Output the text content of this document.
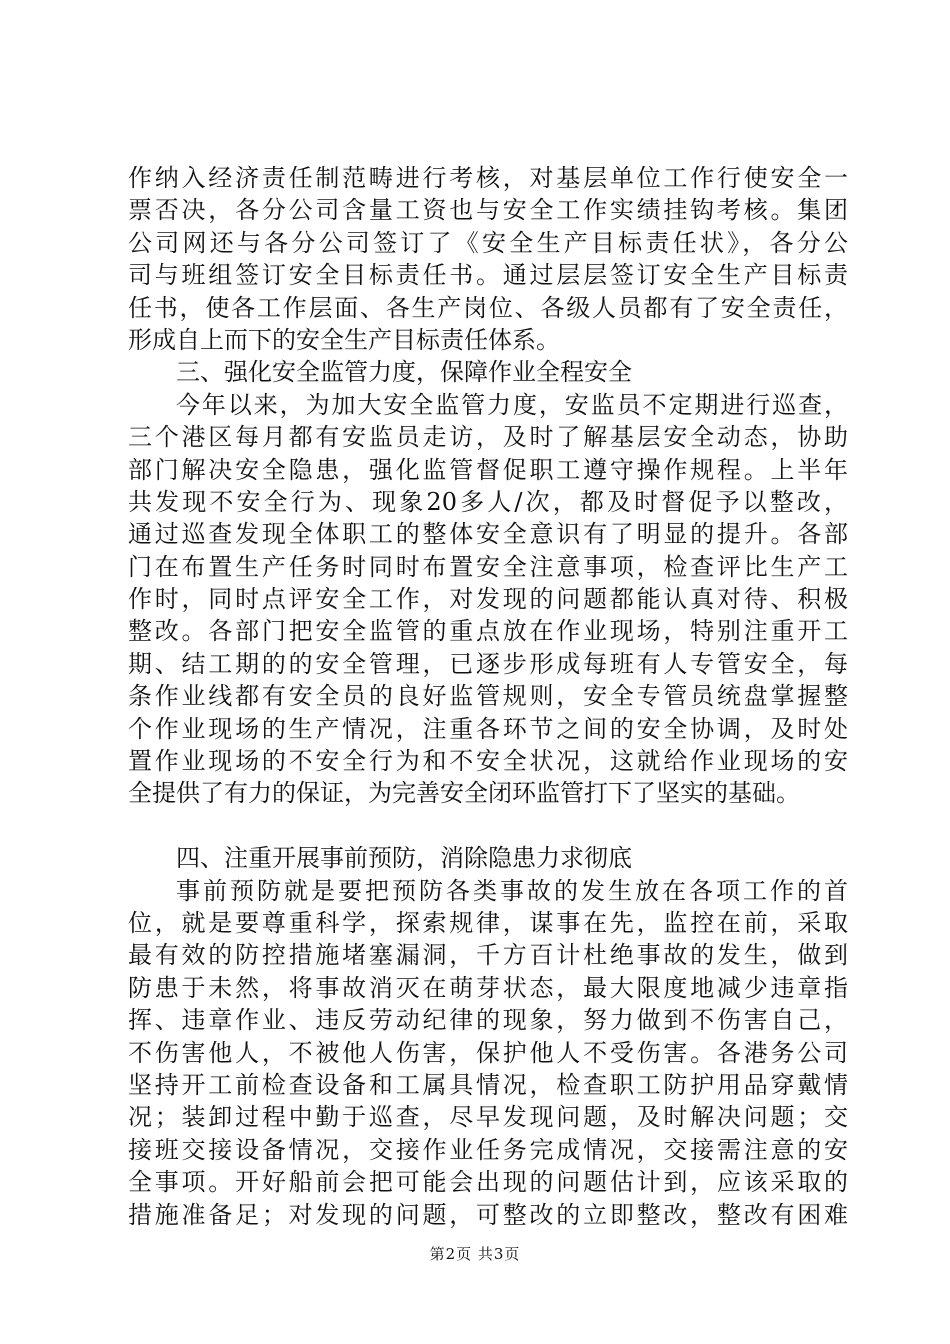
作纳入经济责任制范畴进行考核，对基层单位工作行使安全一
票否决，各分公司含量工资也与安全工作实绩挂钩考核。集团
公司网还与各分公司签订了《安全生产目标责任状》，各分公
司与班组签订安全目标责任书。通过层层签订安全生产目标责
任书，使各工作层面、各生产岗位、各级人员都有了安全责任，
形成自上而下的安全生产目标责任体系。
三、强化安全监管力度，保障作业全程安全
今年以来，为加大安全监管力度，安监员不定期进行巡查，
三个港区每月都有安监员走访，及时了解基层安全动态，协助
部门解决安全隐患，强化监管督促职工遵守操作规程。上半年
共发现不安全行为、现象20多人/次，都及时督促予以整改，
通过巡查发现全体职工的整体安全意识有了明显的提升。各部
门在布置生产任务时同时布置安全注意事项，检查评比生产工
作时，同时点评安全工作，对发现的问题都能认真对待、积极
整改。各部门把安全监管的重点放在作业现场，特别注重开工
期、结工期的的安全管理，已逐步形成每班有人专管安全，每
条作业线都有安全员的良好监管规则，安全专管员统盘掌握整
个作业现场的生产情况，注重各环节之间的安全协调，及时处
置作业现场的不安全行为和不安全状况，这就给作业现场的安
全提供了有力的保证，为完善安全闭环监管打下了坚实的基础。
四、注重开展事前预防，消除隐患力求彻底
事前预防就是要把预防各类事故的发生放在各项工作的首
位，就是要尊重科学，探索规律，谋事在先，监控在前，采取
最有效的防控措施堵塞漏洞，千方百计杜绝事故的发生，做到
防患于未然，将事故消灭在萌芽状态，最大限度地减少违章指
挥、违章作业、违反劳动纪律的现象，努力做到不伤害自己，
不伤害他人，不被他人伤害，保护他人不受伤害。各港务公司
坚持开工前检查设备和工属具情况，检查职工防护用品穿戴情
况；装卸过程中勤于巡查，尽早发现问题，及时解决问题；交
接班交接设备情况，交接作业任务完成情况，交接需注意的安
全事项。开好船前会把可能会出现的问题估计到，应该采取的
措施准备足；对发现的问题，可整改的立即整改，整改有困难
第2页 共3页
